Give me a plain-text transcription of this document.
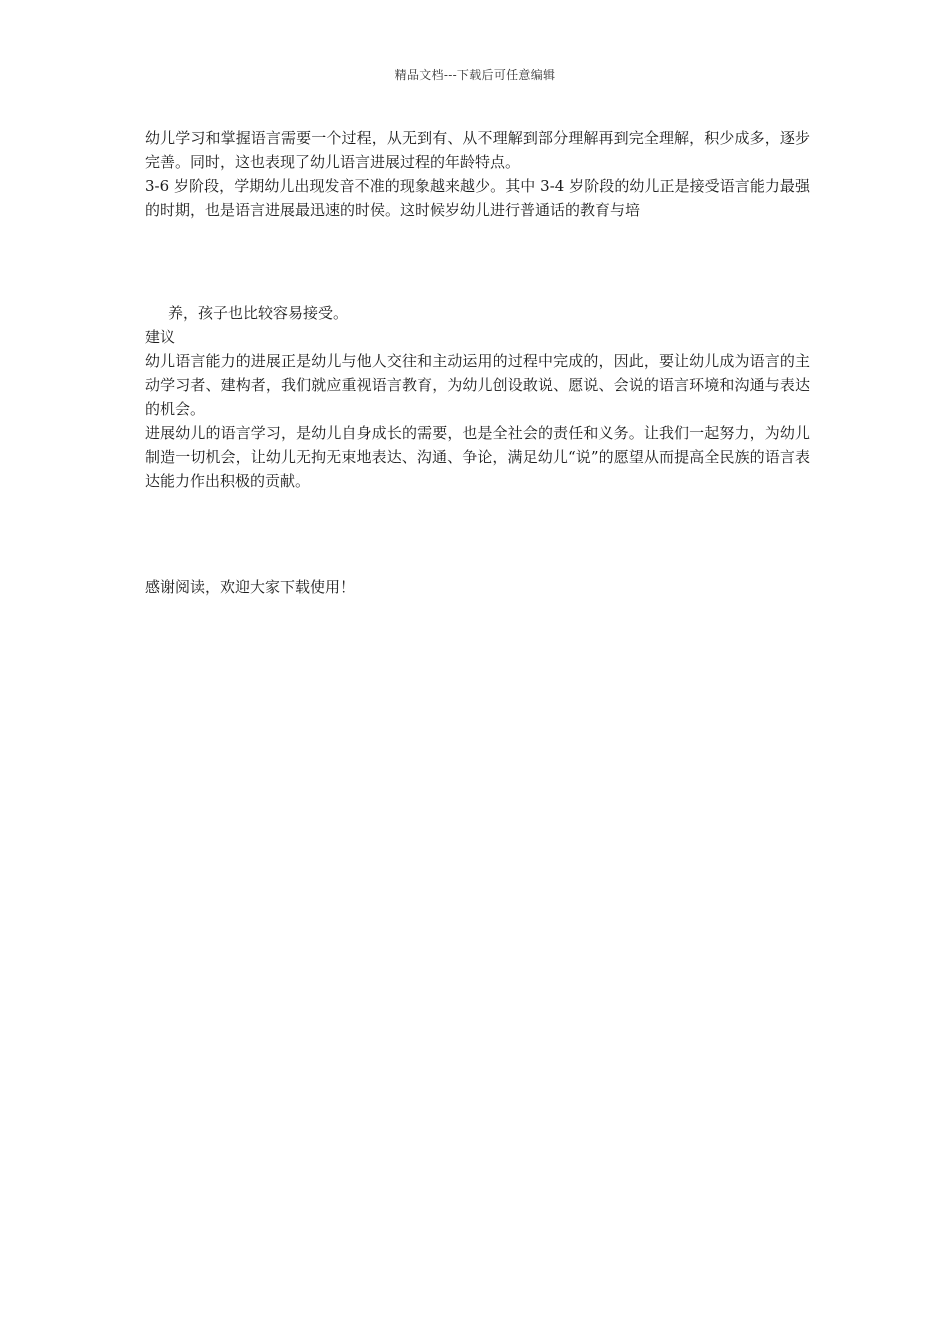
精品文档---下载后可任意编辑

幼儿学习和掌握语言需要一个过程，从无到有、从不理解到部分理解再到完全理解，积少成多，逐步完善。同时，这也表现了幼儿语言进展过程的年龄特点。

3-6 岁阶段，学期幼儿出现发音不准的现象越来越少。其中 3-4 岁阶段的幼儿正是接受语言能力最强的时期，也是语言进展最迅速的时侯。这时候岁幼儿进行普通话的教育与培

养，孩子也比较容易接受。

建议

幼儿语言能力的进展正是幼儿与他人交往和主动运用的过程中完成的，因此，要让幼儿成为语言的主动学习者、建构者，我们就应重视语言教育，为幼儿创设敢说、愿说、会说的语言环境和沟通与表达的机会。

进展幼儿的语言学习，是幼儿自身成长的需要，也是全社会的责任和义务。让我们一起努力，为幼儿制造一切机会，让幼儿无拘无束地表达、沟通、争论，满足幼儿“说”的愿望从而提高全民族的语言表达能力作出积极的贡献。

感谢阅读，欢迎大家下载使用！
